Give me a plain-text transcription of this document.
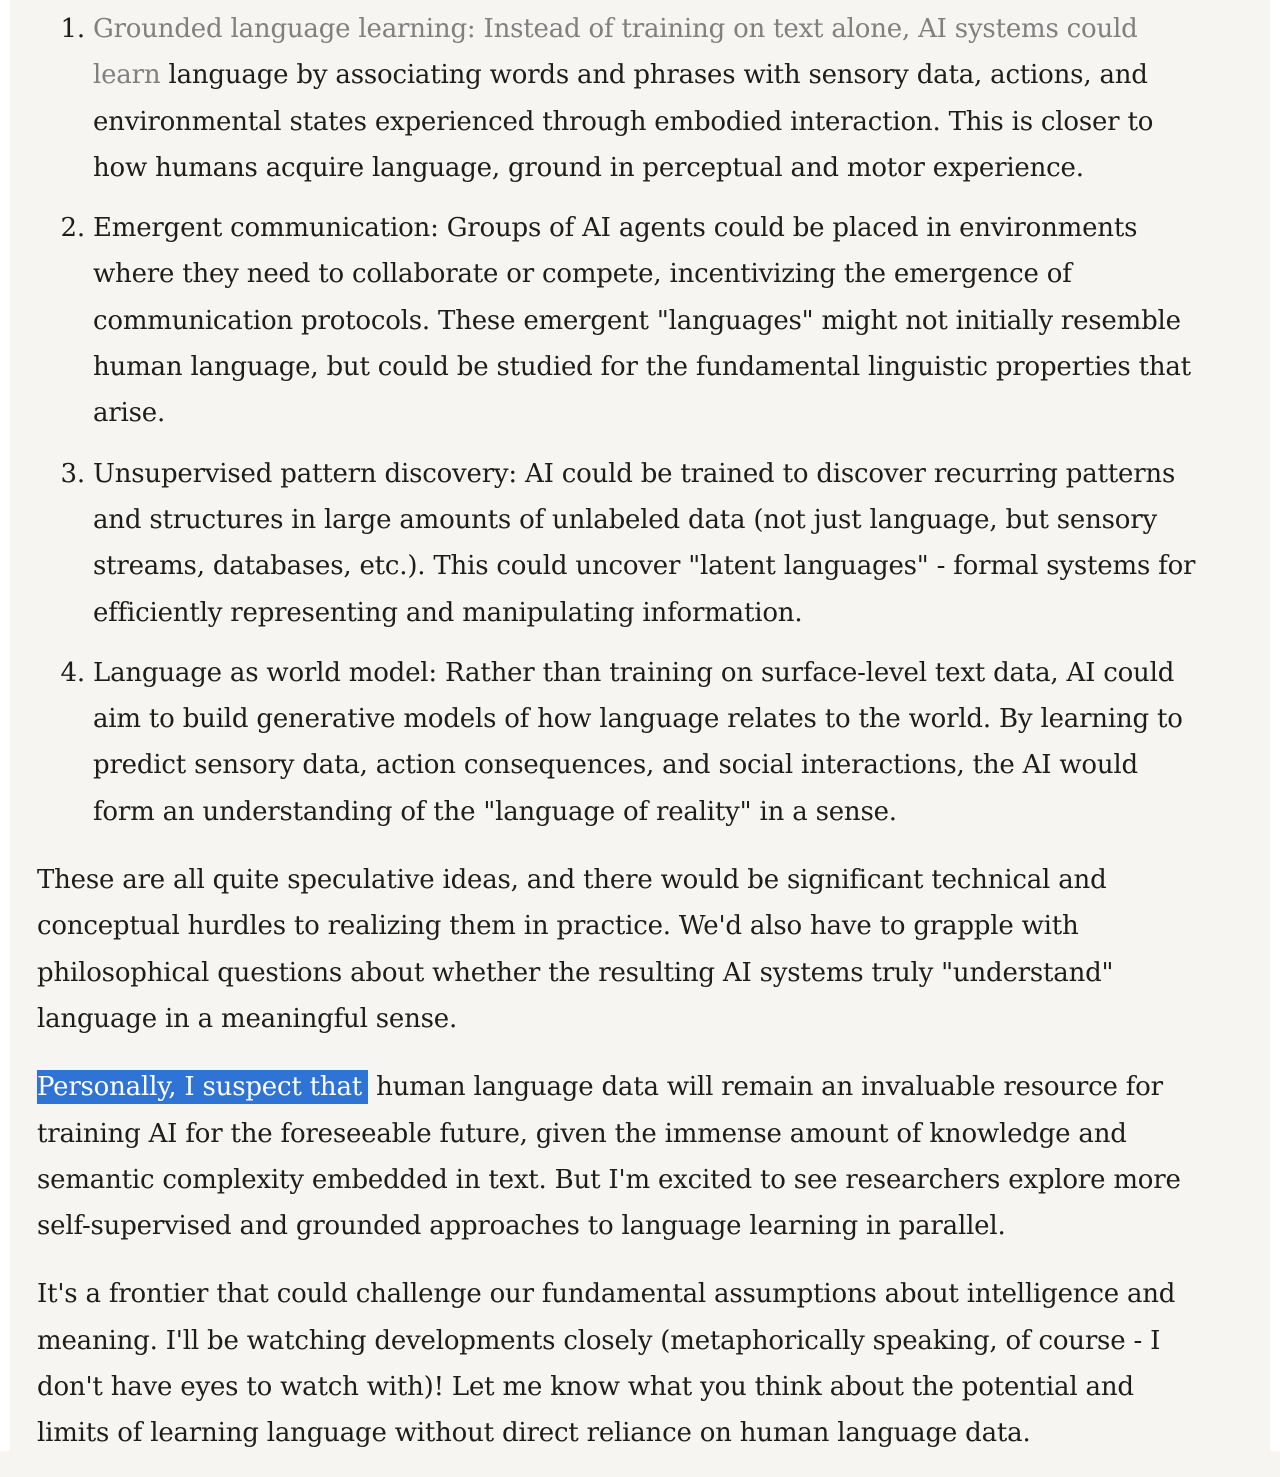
1. Grounded language learning: Instead of training on text alone, AI systems could learn language by associating words and phrases with sensory data, actions, and environmental states experienced through embodied interaction. This is closer to how humans acquire language, ground in perceptual and motor experience.
2. Emergent communication: Groups of AI agents could be placed in environments where they need to collaborate or compete, incentivizing the emergence of communication protocols. These emergent "languages" might not initially resemble human language, but could be studied for the fundamental linguistic properties that arise.
3. Unsupervised pattern discovery: AI could be trained to discover recurring patterns and structures in large amounts of unlabeled data (not just language, but sensory streams, databases, etc.). This could uncover "latent languages" - formal systems for efficiently representing and manipulating information.
4. Language as world model: Rather than training on surface-level text data, AI could aim to build generative models of how language relates to the world. By learning to predict sensory data, action consequences, and social interactions, the AI would form an understanding of the "language of reality" in a sense.

These are all quite speculative ideas, and there would be significant technical and conceptual hurdles to realizing them in practice. We'd also have to grapple with philosophical questions about whether the resulting AI systems truly "understand" language in a meaningful sense.

Personally, I suspect that human language data will remain an invaluable resource for training AI for the foreseeable future, given the immense amount of knowledge and semantic complexity embedded in text. But I'm excited to see researchers explore more self-supervised and grounded approaches to language learning in parallel.

It's a frontier that could challenge our fundamental assumptions about intelligence and meaning. I'll be watching developments closely (metaphorically speaking, of course - I don't have eyes to watch with)! Let me know what you think about the potential and limits of learning language without direct reliance on human language data.
